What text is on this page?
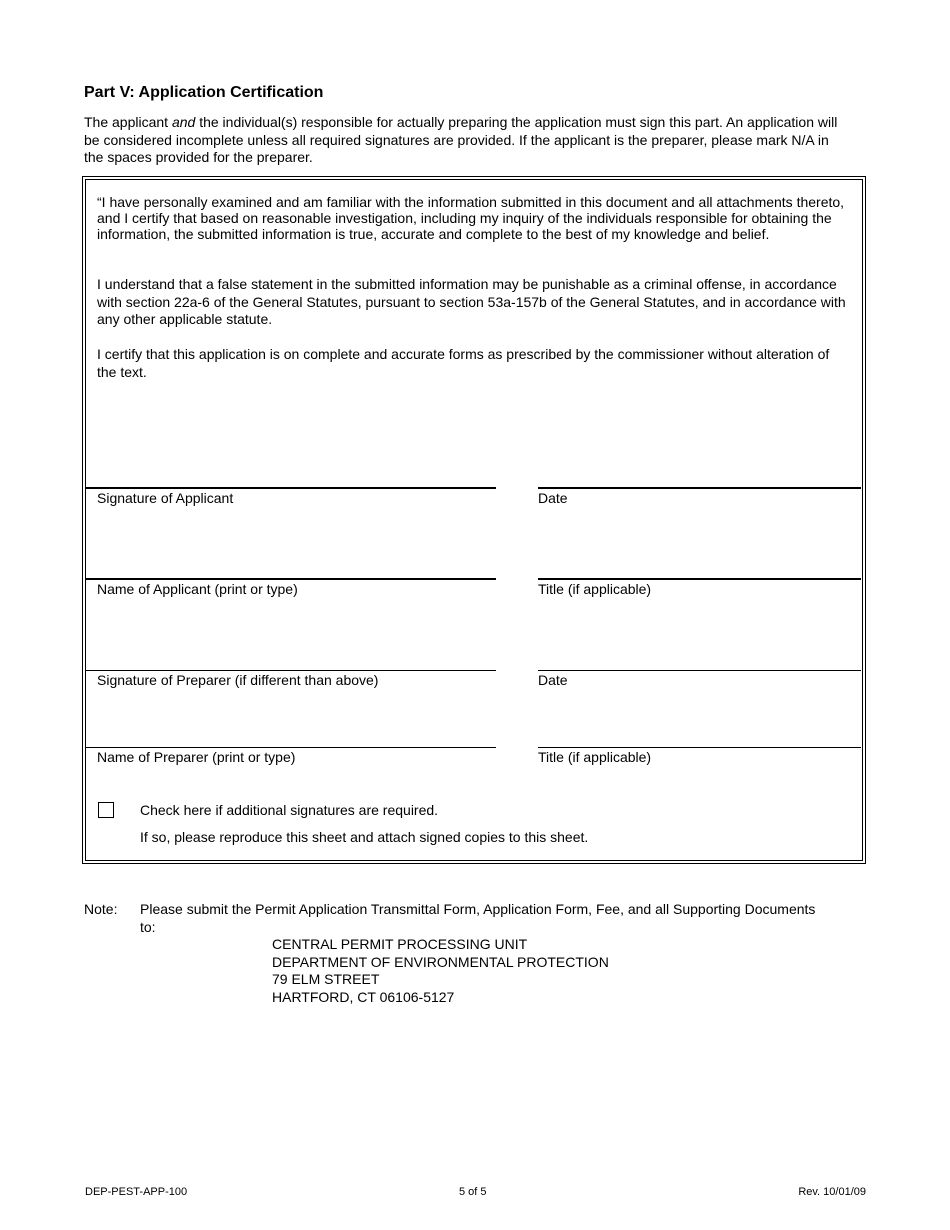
Part V: Application Certification
The applicant and the individual(s) responsible for actually preparing the application must sign this part. An application will be considered incomplete unless all required signatures are provided. If the applicant is the preparer, please mark N/A in the spaces provided for the preparer.
“I have personally examined and am familiar with the information submitted in this document and all attachments thereto, and I certify that based on reasonable investigation, including my inquiry of the individuals responsible for obtaining the information, the submitted information is true, accurate and complete to the best of my knowledge and belief.
I understand that a false statement in the submitted information may be punishable as a criminal offense, in accordance with section 22a-6 of the General Statutes, pursuant to section 53a-157b of the General Statutes, and in accordance with any other applicable statute.
I certify that this application is on complete and accurate forms as prescribed by the commissioner without alteration of the text.
Signature of Applicant	Date
Name of Applicant (print or type)	Title (if applicable)
Signature of Preparer (if different than above)	Date
Name of Preparer (print or type)	Title (if applicable)
Check here if additional signatures are required.
If so, please reproduce this sheet and attach signed copies to this sheet.
Note: Please submit the Permit Application Transmittal Form, Application Form, Fee, and all Supporting Documents to:
CENTRAL PERMIT PROCESSING UNIT
DEPARTMENT OF ENVIRONMENTAL PROTECTION
79 ELM STREET
HARTFORD, CT 06106-5127
DEP-PEST-APP-100	5 of 5	Rev. 10/01/09
